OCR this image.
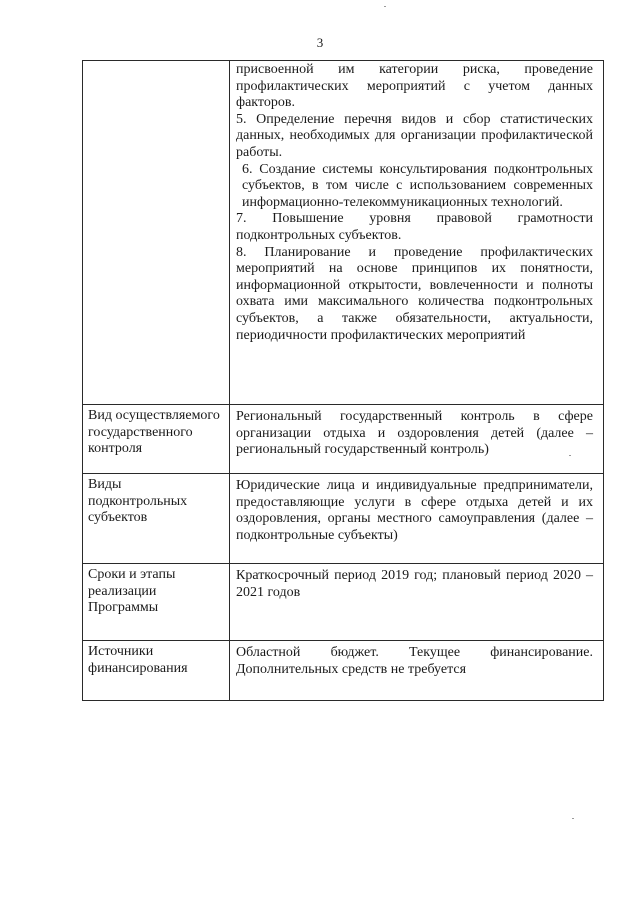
3

	присвоенной им категории риска, проведение профилактических мероприятий с учетом данных факторов.

5. Определение перечня видов и сбор статистических данных, необходимых для организации профилактической работы.

6. Создание системы консультирования подконтрольных субъектов, в том числе с использованием современных информационно-телекоммуникационных технологий.

7. Повышение уровня правовой грамотности подконтрольных субъектов.

8. Планирование и проведение профилактических мероприятий на основе принципов их понятности, информационной открытости, вовлеченности и полноты охвата ими максимального количества подконтрольных субъектов, а также обязательности, актуальности, периодичности профилактических мероприятий

Вид осуществляемого государственного контроля	Региональный государственный контроль в сфере организации отдыха и оздоровления детей (далее – региональный государственный контроль)
Виды подконтрольных субъектов	Юридические лица и индивидуальные предприниматели, предоставляющие услуги в сфере отдыха детей и их оздоровления, органы местного самоуправления (далее – подконтрольные субъекты)
Сроки и этапы реализации Программы	Краткосрочный период 2019 год; плановый период 2020 – 2021 годов
Источники финансирования	Областной бюджет. Текущее финансирование. Дополнительных средств не требуется
